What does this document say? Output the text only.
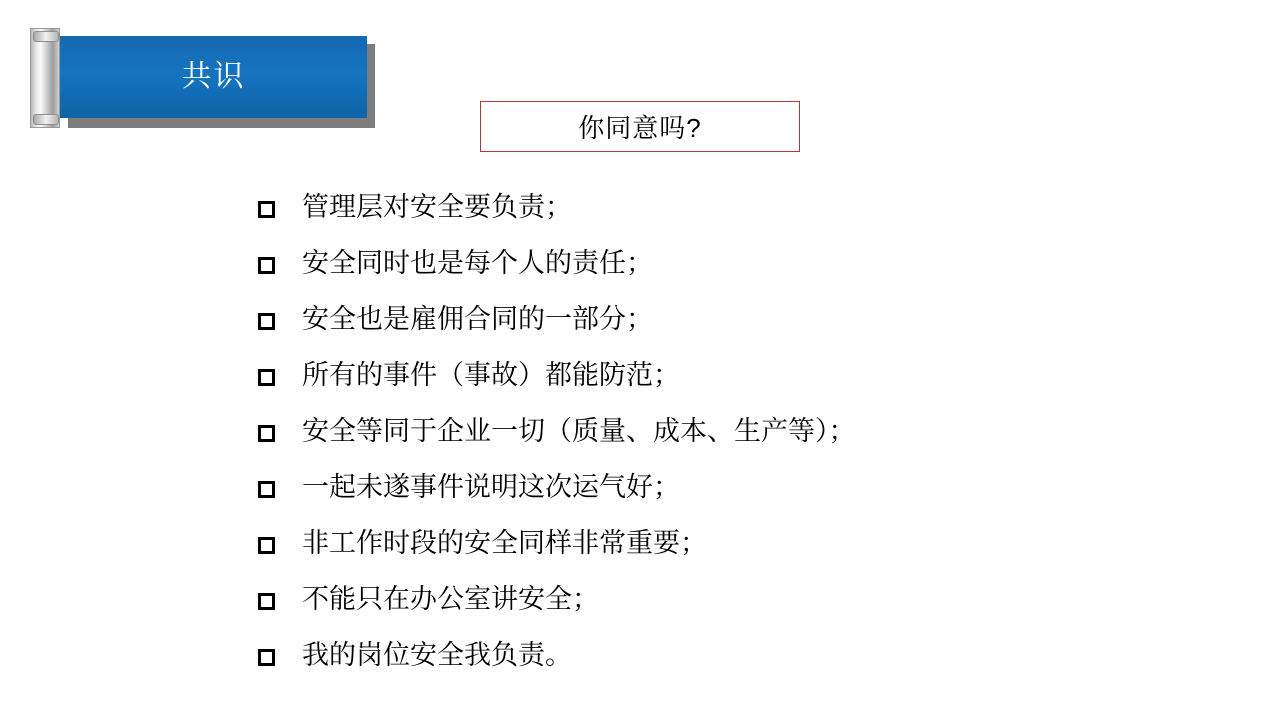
共识
你同意吗?
管理层对安全要负责；
安全同时也是每个人的责任；
安全也是雇佣合同的一部分；
所有的事件（事故）都能防范；
安全等同于企业一切（质量、成本、生产等）；
一起未遂事件说明这次运气好；
非工作时段的安全同样非常重要；
不能只在办公室讲安全；
我的岗位安全我负责。
